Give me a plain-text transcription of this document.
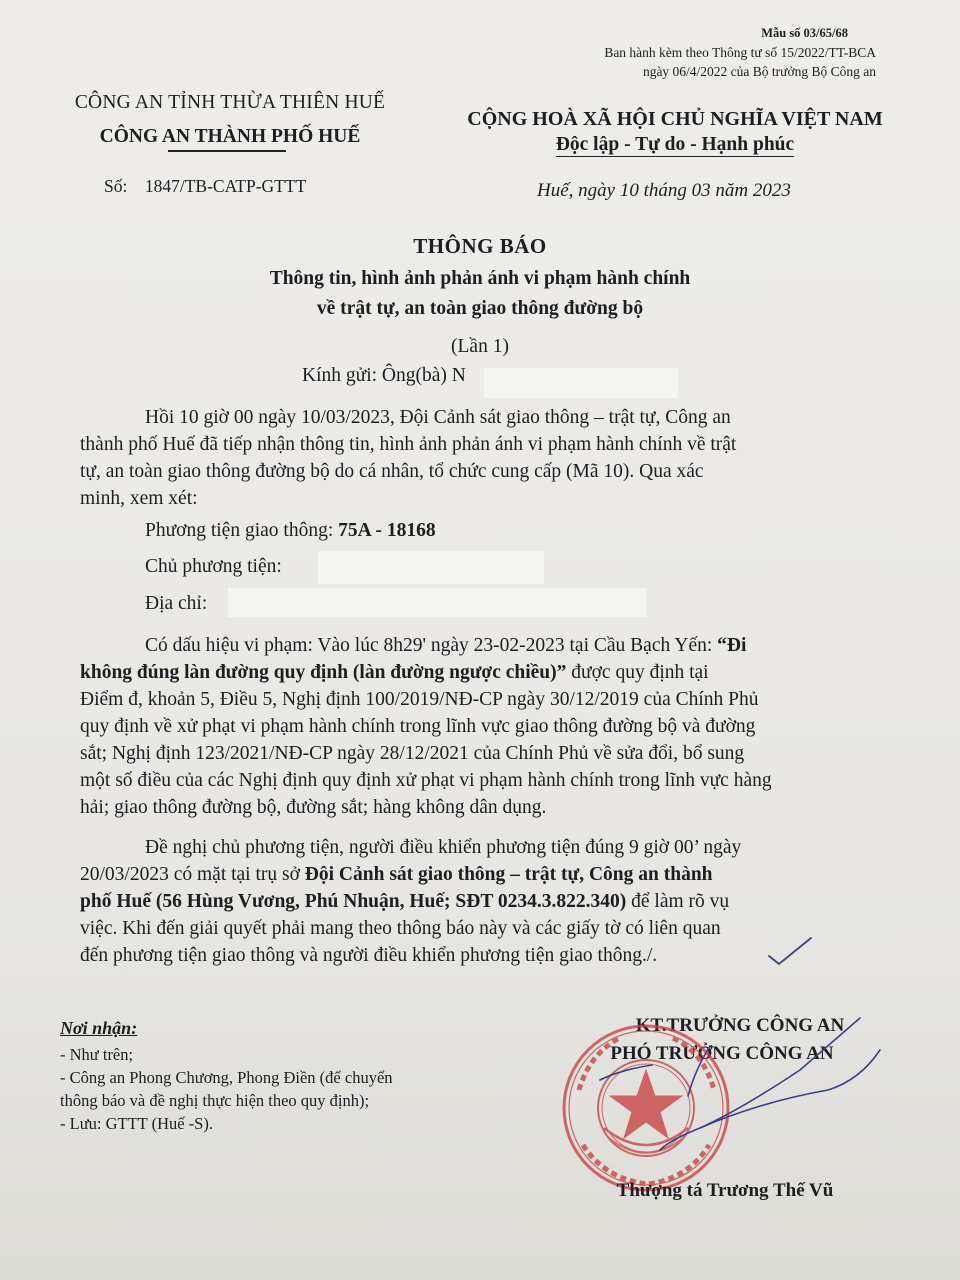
Mẫu số 03/65/68
Ban hành kèm theo Thông tư số 15/2022/TT-BCA
ngày 06/4/2022 của Bộ trưởng Bộ Công an
CÔNG AN TỈNH THỪA THIÊN HUẾ
CÔNG AN THÀNH PHỐ HUẾ
Số: 1847/TB-CATP-GTTT
CỘNG HOÀ XÃ HỘI CHỦ NGHĨA VIỆT NAM
Độc lập - Tự do - Hạnh phúc
Huế, ngày 10 tháng 03 năm 2023
THÔNG BÁO
Thông tin, hình ảnh phản ánh vi phạm hành chính
về trật tự, an toàn giao thông đường bộ
(Lần 1)
Kính gửi: Ông(bà) N
Hồi 10 giờ 00 ngày 10/03/2023, Đội Cảnh sát giao thông – trật tự, Công an
thành phố Huế đã tiếp nhận thông tin, hình ảnh phản ánh vi phạm hành chính về trật
tự, an toàn giao thông đường bộ do cá nhân, tổ chức cung cấp (Mã 10). Qua xác
minh, xem xét:
Phương tiện giao thông: 75A - 18168
Chủ phương tiện:
Địa chỉ:
Có dấu hiệu vi phạm: Vào lúc 8h29' ngày 23-02-2023 tại Cầu Bạch Yến: “Đi
không đúng làn đường quy định (làn đường ngược chiều)” được quy định tại
Điểm đ, khoản 5, Điều 5, Nghị định 100/2019/NĐ-CP ngày 30/12/2019 của Chính Phủ
quy định về xử phạt vi phạm hành chính trong lĩnh vực giao thông đường bộ và đường
sắt; Nghị định 123/2021/NĐ-CP ngày 28/12/2021 của Chính Phủ về sửa đổi, bổ sung
một số điều của các Nghị định quy định xử phạt vi phạm hành chính trong lĩnh vực hàng
hải; giao thông đường bộ, đường sắt; hàng không dân dụng.
Đề nghị chủ phương tiện, người điều khiển phương tiện đúng 9 giờ 00’ ngày
20/03/2023 có mặt tại trụ sở Đội Cảnh sát giao thông – trật tự, Công an thành
phố Huế (56 Hùng Vương, Phú Nhuận, Huế; SĐT 0234.3.822.340) để làm rõ vụ
việc. Khi đến giải quyết phải mang theo thông báo này và các giấy tờ có liên quan
đến phương tiện giao thông và người điều khiển phương tiện giao thông./.
Nơi nhận:
- Như trên;
- Công an Phong Chương, Phong Điền (để chuyển
thông báo và đề nghị thực hiện theo quy định);
- Lưu: GTTT (Huế -S).
KT.TRƯỞNG CÔNG AN
PHÓ TRƯỞNG CÔNG AN
Thượng tá Trương Thế Vũ
